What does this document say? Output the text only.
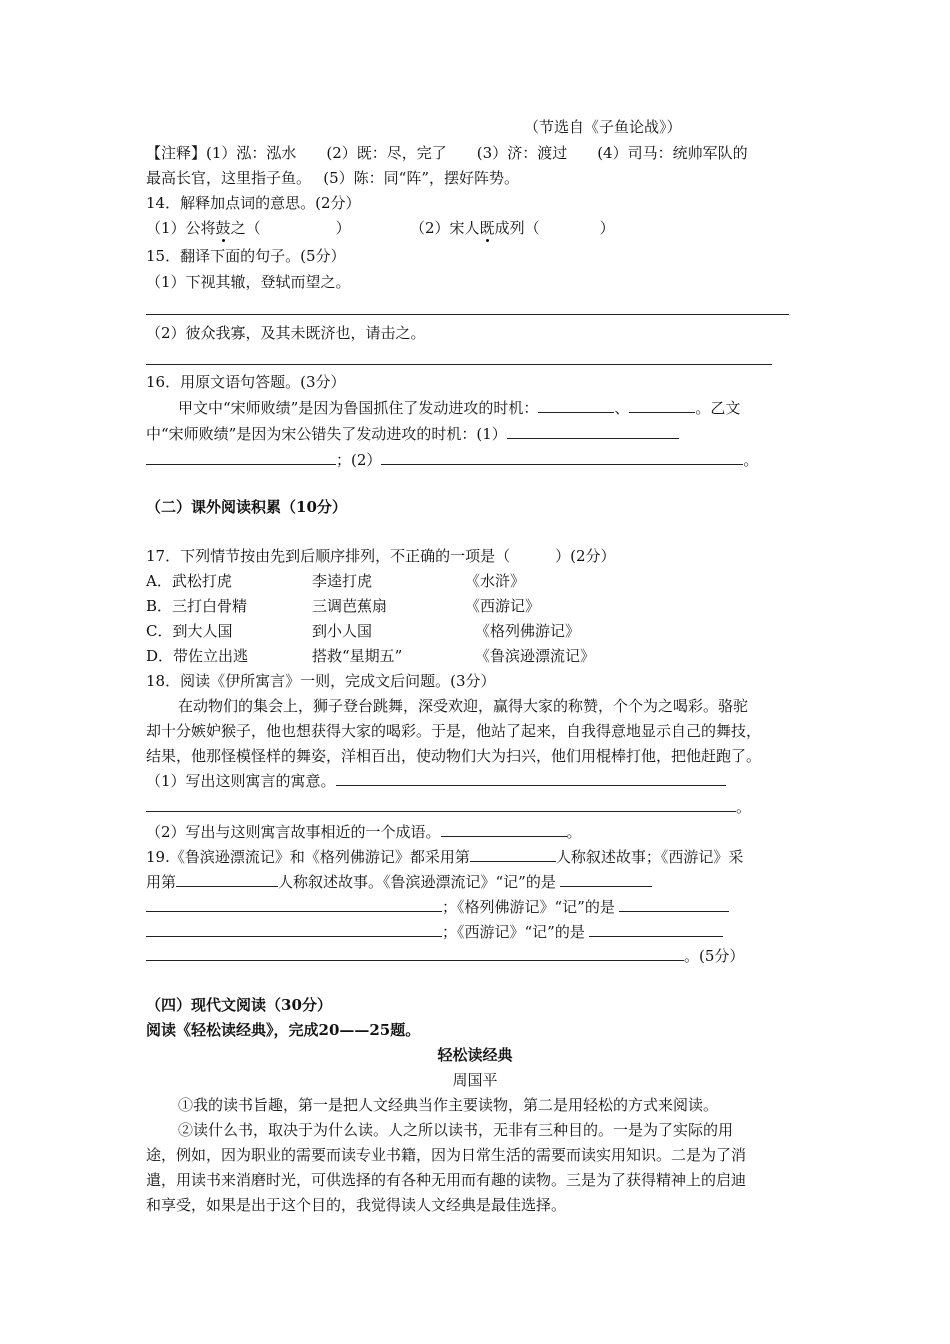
（节选自《子鱼论战》）
【注释】(1）泓：泓水　　(2）既：尽，完了　　(3）济：渡过　　(4）司马：统帅军队的
最高长官，这里指子鱼。　 (5）陈：同“阵”，摆好阵势。
14．解释加点词的意思。(2分）
（1）公将鼓之（　　　　　）	（2）宋人既成列（　　　　）
15．翻译下面的句子。(5分）
（1）下视其辙，登轼而望之。
（2）彼众我寡，及其未既济也，请击之。
16．用原文语句答题。(3分）
甲文中“宋师败绩”是因为鲁国抓住了发动进攻的时机：	、	。乙文
中“宋师败绩”是因为宋公错失了发动进攻的时机：(1）
；(2）	。
（二）课外阅读积累（10分）
17．下列情节按由先到后顺序排列，不正确的一项是（　　　）(2分）
A．武松打虎	李逵打虎	《水浒》
B．三打白骨精	三调芭蕉扇	《西游记》
C．到大人国	到小人国	《格列佛游记》
D．带佐立出逃	搭救“星期五”	《鲁滨逊漂流记》
18．阅读《伊所寓言》一则，完成文后问题。(3分）
在动物们的集会上，狮子登台跳舞，深受欢迎，赢得大家的称赞，个个为之喝彩。骆驼
却十分嫉妒猴子，他也想获得大家的喝彩。于是，他站了起来，自我得意地显示自己的舞技，
结果，他那怪模怪样的舞姿，洋相百出，使动物们大为扫兴，他们用棍棒打他，把他赶跑了。
（1）写出这则寓言的寓意。
。
（2）写出与这则寓言故事相近的一个成语。	。
19.《鲁滨逊漂流记》和《格列佛游记》都采用第	人称叙述故事；《西游记》采
用第	人称叙述故事。《鲁滨逊漂流记》“记”的是
；《格列佛游记》“记”的是
；《西游记》“记”的是
。(5分）
（四）现代文阅读（30分）
阅读《轻松读经典》，完成20——25题。
轻松读经典
周国平
①我的读书旨趣，第一是把人文经典当作主要读物，第二是用轻松的方式来阅读。
②读什么书，取决于为什么读。人之所以读书，无非有三种目的。一是为了实际的用
途，例如，因为职业的需要而读专业书籍，因为日常生活的需要而读实用知识。二是为了消
遣，用读书来消磨时光，可供选择的有各种无用而有趣的读物。三是为了获得精神上的启迪
和享受，如果是出于这个目的，我觉得读人文经典是最佳选择。
